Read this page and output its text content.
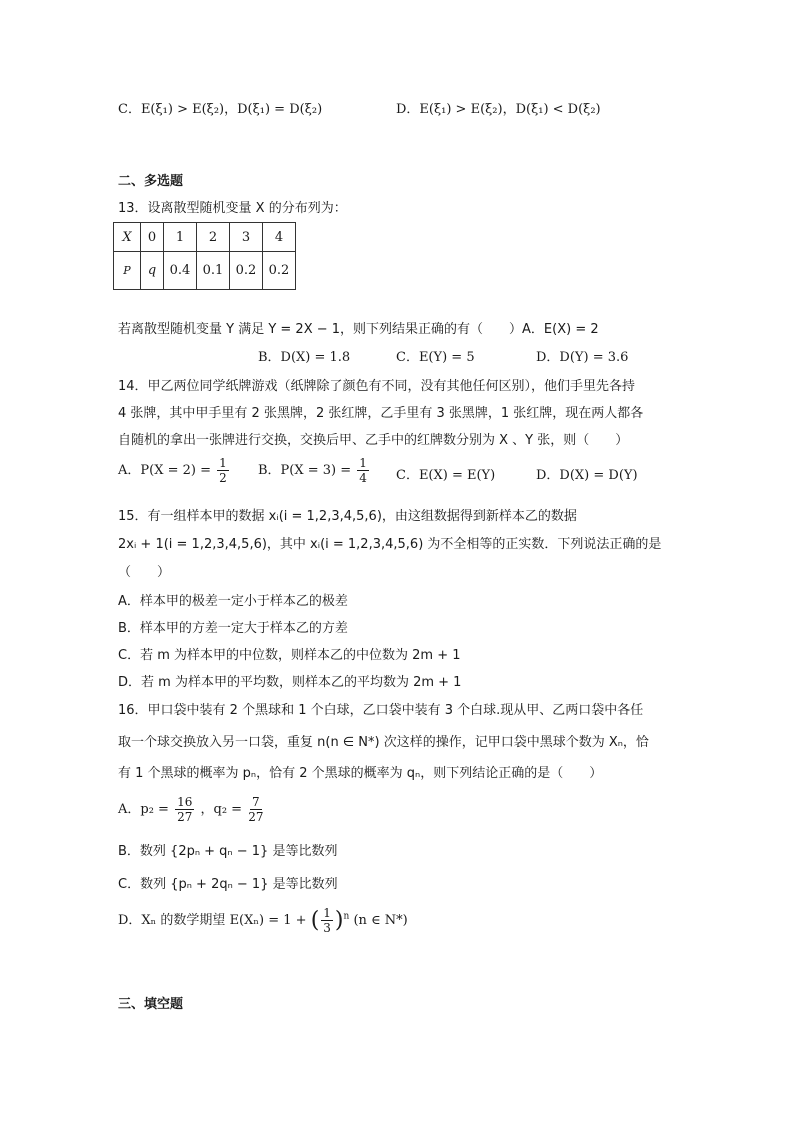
C．E(ξ₁) > E(ξ₂)，D(ξ₁) = D(ξ₂)	D．E(ξ₁) > E(ξ₂)，D(ξ₁) < D(ξ₂)
二、多选题
13．设离散型随机变量 X 的分布列为：
X	0	1	2	3	4
P	q	0.4	0.1	0.2	0.2
若离散型随机变量 Y 满足 Y = 2X − 1，则下列结果正确的有（　　）A．E(X) = 2
B．D(X) = 1.8	C．E(Y) = 5	D．D(Y) = 3.6
14．甲乙两位同学纸牌游戏（纸牌除了颜色有不同，没有其他任何区别），他们手里先各持
4 张牌，其中甲手里有 2 张黑牌，2 张红牌，乙手里有 3 张黑牌，1 张红牌，现在两人都各
自随机的拿出一张牌进行交换，交换后甲、乙手中的红牌数分别为 X 、Y 张，则（　　）
A．$P(X = 2) = \frac{1}{2}$ B．$P(X = 3) = \frac{1}{4}$ C．E(X) = E(Y)	D．D(X) = D(Y)
15．有一组样本甲的数据 xᵢ(i = 1,2,3,4,5,6)，由这组数据得到新样本乙的数据
2xᵢ + 1(i = 1,2,3,4,5,6)，其中 xᵢ(i = 1,2,3,4,5,6) 为不全相等的正实数．下列说法正确的是
（　　）
A．样本甲的极差一定小于样本乙的极差
B．样本甲的方差一定大于样本乙的方差
C．若 m 为样本甲的中位数，则样本乙的中位数为 2m + 1
D．若 m 为样本甲的平均数，则样本乙的平均数为 2m + 1
16．甲口袋中装有 2 个黑球和 1 个白球，乙口袋中装有 3 个白球.现从甲、乙两口袋中各任
取一个球交换放入另一口袋，重复 n(n ∈ N*) 次这样的操作，记甲口袋中黑球个数为 Xₙ，恰
有 1 个黑球的概率为 pₙ，恰有 2 个黑球的概率为 qₙ，则下列结论正确的是（　　）
A．$p_2 = \frac{16}{27}$ ，$q_2 = \frac{7}{27}$
B．数列 {2pₙ + qₙ − 1} 是等比数列
C．数列 {pₙ + 2qₙ − 1} 是等比数列
D．Xₙ 的数学期望 E(Xₙ) = 1 + ( $\frac{1}{3} )^n$ (n ∈ N*)
三、填空题
